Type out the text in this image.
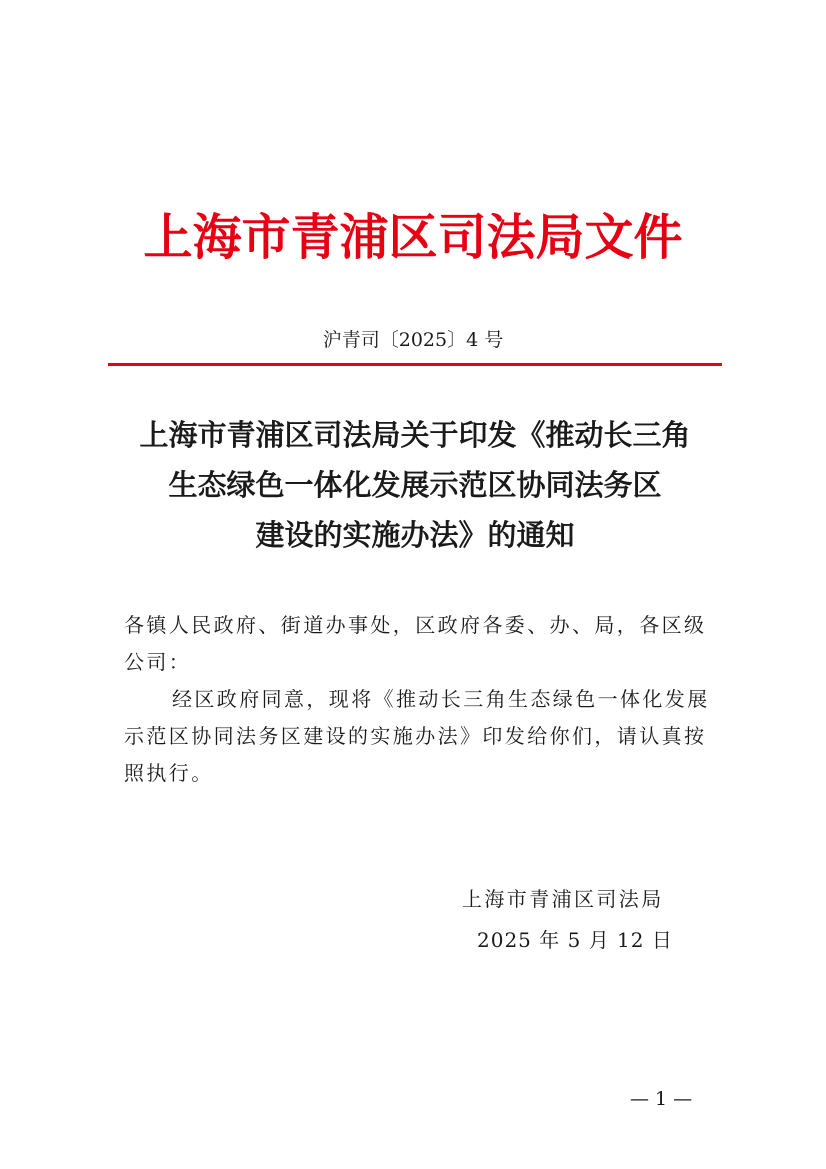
上海市青浦区司法局文件
沪青司〔2025〕4 号
上海市青浦区司法局关于印发《推动长三角
生态绿色一体化发展示范区协同法务区
建设的实施办法》的通知

各镇人民政府、街道办事处，区政府各委、办、局，各区级公司：

经区政府同意，现将《推动长三角生态绿色一体化发展示范区协同法务区建设的实施办法》印发给你们，请认真按照执行。

上海市青浦区司法局
2025 年 5 月 12 日
— 1 —
